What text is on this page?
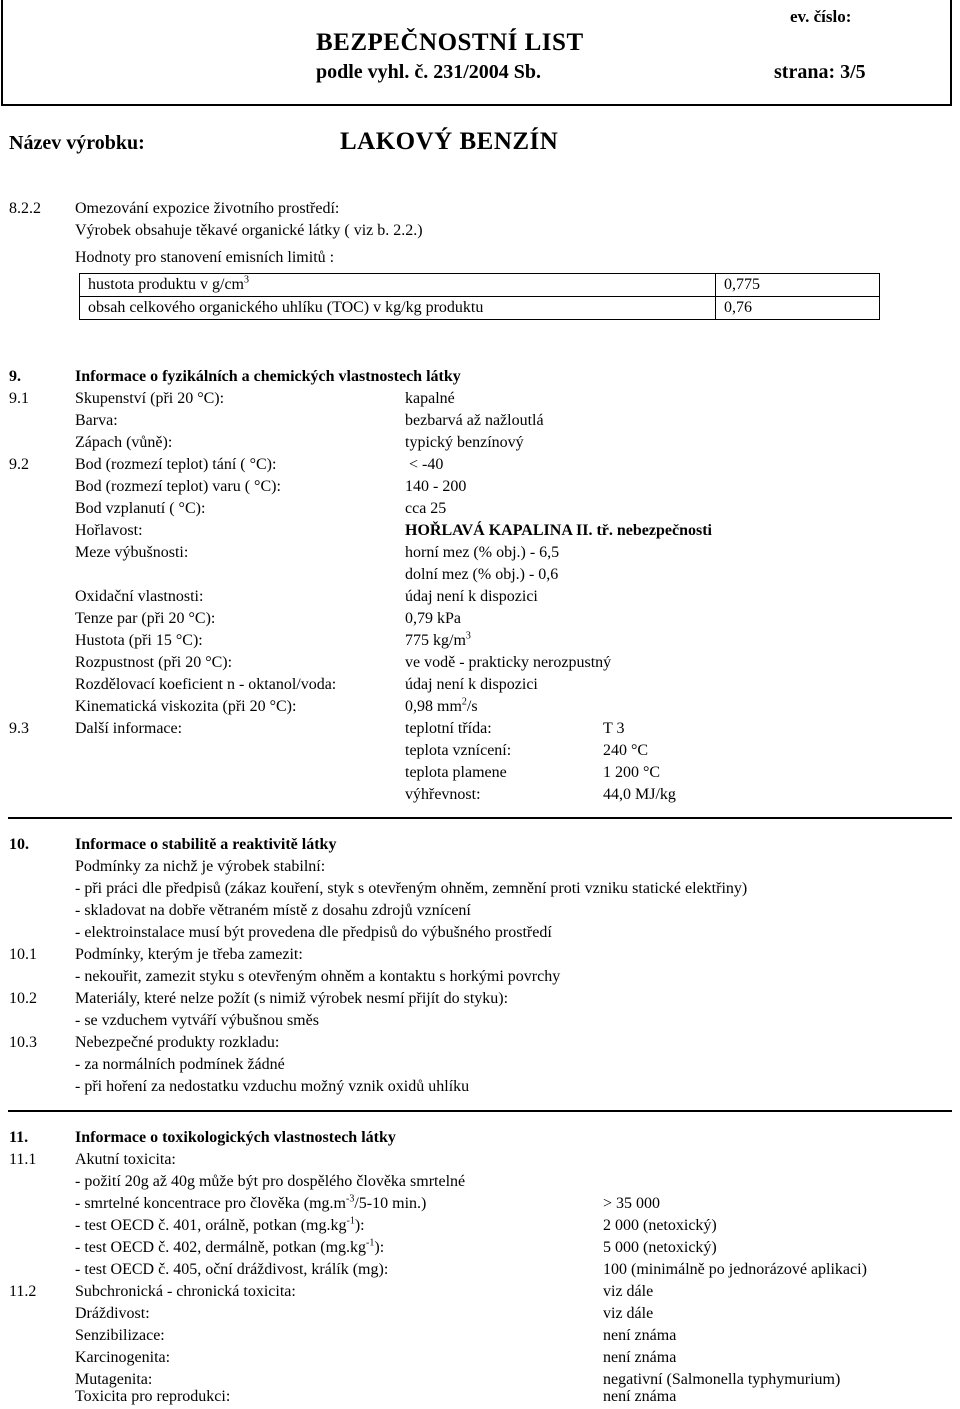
ev. číslo:
BEZPEČNOSTNÍ LIST
podle vyhl. č. 231/2004 Sb.	strana: 3/5
Název výrobku:	LAKOVÝ BENZÍN
8.2.2 Omezování expozice životního prostředí:
Výrobek obsahuje těkavé organické látky ( viz b. 2.2.)
Hodnoty pro stanovení emisních limitů :
hustota produktu v $g/cm^3$	0,775
obsah celkového organického uhlíku (TOC) v kg/kg produktu	0,76
9.	Informace o fyzikálních a chemických vlastnostech látky
9.1	Skupenství (při 20 °C):	kapalné
Barva:	bezbarvá až nažloutlá
Zápach (vůně):	typický benzínový
9.2	Bod (rozmezí teplot) tání ( °C):	< -40
Bod (rozmezí teplot) varu ( °C):	140 - 200
Bod vzplanutí ( °C):	cca 25
Hořlavost:	HOŘLAVÁ KAPALINA II. tř. nebezpečnosti
Meze výbušnosti:	horní mez (% obj.) - 6,5
dolní mez (% obj.) - 0,6
Oxidační vlastnosti:	údaj není k dispozici
Tenze par (při 20 °C):	0,79 kPa
Hustota (při 15 °C):	775 $kg/m^3$
Rozpustnost (při 20 °C):	ve vodě - prakticky nerozpustný
Rozdělovací koeficient n - oktanol/voda:	údaj není k dispozici
Kinematická viskozita (při 20 °C):	0,98 $mm^2/s$
9.3	Další informace:	teplotní třída:	T 3
teplota vznícení:	240 °C
teplota plamene	1 200 °C
výhřevnost:	44,0 MJ/kg
10.	Informace o stabilitě a reaktivitě látky
Podmínky za nichž je výrobek stabilní:
- při práci dle předpisů (zákaz kouření, styk s otevřeným ohněm, zemnění proti vzniku statické elektřiny)
- skladovat na dobře větraném místě z dosahu zdrojů vznícení
- elektroinstalace musí být provedena dle předpisů do výbušného prostředí
10.1 Podmínky, kterým je třeba zamezit:
- nekouřit, zamezit styku s otevřeným ohněm a kontaktu s horkými povrchy
10.2 Materiály, které nelze požít (s nimiž výrobek nesmí přijít do styku):
- se vzduchem vytváří výbušnou směs
10.3 Nebezpečné produkty rozkladu:
- za normálních podmínek žádné
- při hoření za nedostatku vzduchu možný vznik oxidů uhlíku
11.	Informace o toxikologických vlastnostech látky
11.1 Akutní toxicita:
- požití 20g až 40g může být pro dospělého člověka smrtelné
- smrtelné koncentrace pro člověka ($mg.m^{-3}/5-10$ min.)	> 35 000
- test OECD č. 401, orálně, potkan $(mg.kg^{-1})$:	2 000 (netoxický)
- test OECD č. 402, dermálně, potkan $(mg.kg^{-1})$:	5 000 (netoxický)
- test OECD č. 405, oční dráždivost, králík (mg):	100 (minimálně po jednorázové aplikaci)
11.2 Subchronická - chronická toxicita:	viz dále
Dráždivost:	viz dále
Senzibilizace:	není známa
Karcinogenita:	není známa
Mutagenita:	negativní (Salmonella typhymurium)
Toxicita pro reprodukci:	není známa
